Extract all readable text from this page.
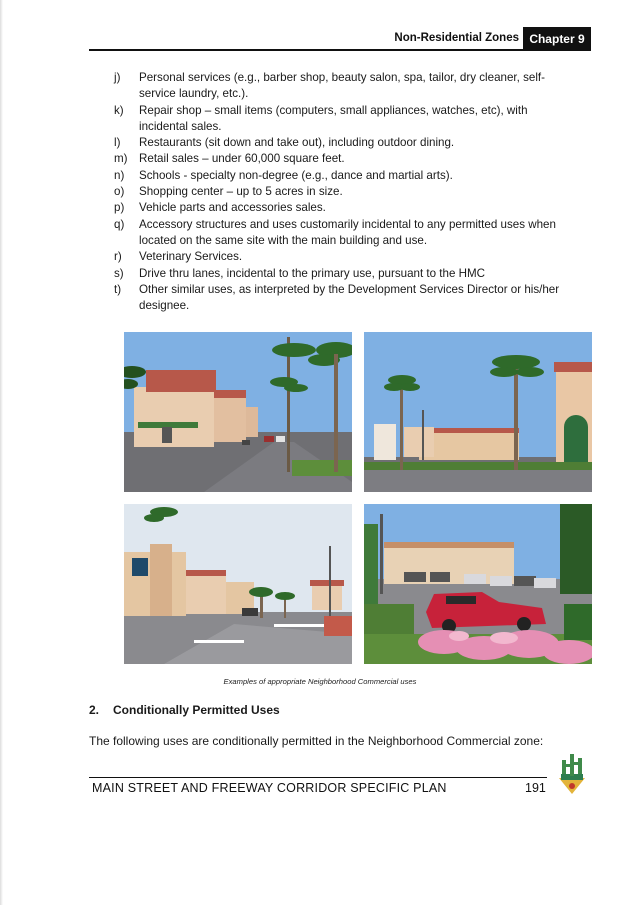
Non-Residential Zones Chapter 9
j) Personal services (e.g., barber shop, beauty salon, spa, tailor, dry cleaner, self-service laundry, etc.).
k) Repair shop – small items (computers, small appliances, watches, etc), with incidental sales.
l) Restaurants (sit down and take out), including outdoor dining.
m) Retail sales – under 60,000 square feet.
n) Schools - specialty non-degree (e.g., dance and martial arts).
o) Shopping center – up to 5 acres in size.
p) Vehicle parts and accessories sales.
q) Accessory structures and uses customarily incidental to any permitted uses when located on the same site with the main building and use.
r) Veterinary Services.
s) Drive thru lanes, incidental to the primary use, pursuant to the HMC
t) Other similar uses, as interpreted by the Development Services Director or his/her designee.
Examples of appropriate Neighborhood Commercial uses
2. Conditionally Permitted Uses
The following uses are conditionally permitted in the Neighborhood Commercial zone:
MAIN STREET AND FREEWAY CORRIDOR SPECIFIC PLAN	191
